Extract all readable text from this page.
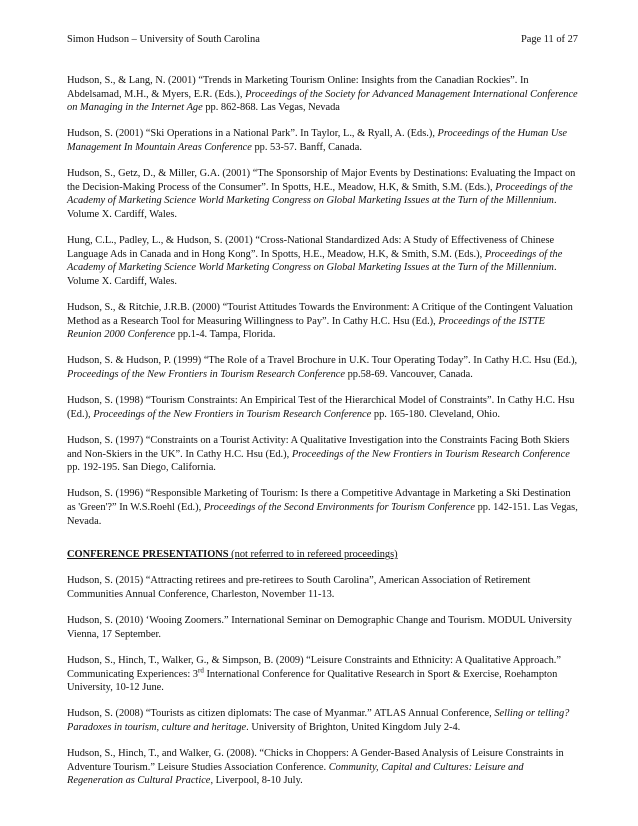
Simon Hudson – University of South Carolina	Page 11 of 27
Hudson, S., & Lang, N. (2001) “Trends in Marketing Tourism Online: Insights from the Canadian Rockies”. In Abdelsamad, M.H., & Myers, E.R. (Eds.), Proceedings of the Society for Advanced Management International Conference on Managing in the Internet Age pp. 862-868. Las Vegas, Nevada
Hudson, S. (2001) “Ski Operations in a National Park”. In Taylor, L., & Ryall, A. (Eds.), Proceedings of the Human Use Management In Mountain Areas Conference pp. 53-57. Banff, Canada.
Hudson, S., Getz, D., & Miller, G.A. (2001) “The Sponsorship of Major Events by Destinations: Evaluating the Impact on the Decision-Making Process of the Consumer”. In Spotts, H.E., Meadow, H.K, & Smith, S.M. (Eds.), Proceedings of the Academy of Marketing Science World Marketing Congress on Global Marketing Issues at the Turn of the Millennium. Volume X. Cardiff, Wales.
Hung, C.L., Padley, L., & Hudson, S. (2001) “Cross-National Standardized Ads: A Study of Effectiveness of Chinese Language Ads in Canada and in Hong Kong”. In Spotts, H.E., Meadow, H.K, & Smith, S.M. (Eds.), Proceedings of the Academy of Marketing Science World Marketing Congress on Global Marketing Issues at the Turn of the Millennium. Volume X. Cardiff, Wales.
Hudson, S., & Ritchie, J.R.B. (2000) “Tourist Attitudes Towards the Environment: A Critique of the Contingent Valuation Method as a Research Tool for Measuring Willingness to Pay”. In Cathy H.C. Hsu (Ed.), Proceedings of the ISTTE Reunion 2000 Conference pp.1-4. Tampa, Florida.
Hudson, S. & Hudson, P. (1999) “The Role of a Travel Brochure in U.K. Tour Operating Today”. In Cathy H.C. Hsu (Ed.), Proceedings of the New Frontiers in Tourism Research Conference pp.58-69. Vancouver, Canada.
Hudson, S. (1998) “Tourism Constraints: An Empirical Test of the Hierarchical Model of Constraints”. In Cathy H.C. Hsu (Ed.), Proceedings of the New Frontiers in Tourism Research Conference pp. 165-180. Cleveland, Ohio.
Hudson, S. (1997) “Constraints on a Tourist Activity: A Qualitative Investigation into the Constraints Facing Both Skiers and Non-Skiers in the UK”. In Cathy H.C. Hsu (Ed.), Proceedings of the New Frontiers in Tourism Research Conference pp. 192-195. San Diego, California.
Hudson, S. (1996) “Responsible Marketing of Tourism: Is there a Competitive Advantage in Marketing a Ski Destination as 'Green'?” In W.S.Roehl (Ed.), Proceedings of the Second Environments for Tourism Conference pp. 142-151. Las Vegas, Nevada.
CONFERENCE PRESENTATIONS (not referred to in refereed proceedings)
Hudson, S. (2015) “Attracting retirees and pre-retirees to South Carolina”, American Association of Retirement Communities Annual Conference, Charleston, November 11-13.
Hudson, S. (2010) ‘Wooing Zoomers.” International Seminar on Demographic Change and Tourism. MODUL University Vienna, 17 September.
Hudson, S., Hinch, T., Walker, G., & Simpson, B. (2009) “Leisure Constraints and Ethnicity: A Qualitative Approach.” Communicating Experiences: 3rd International Conference for Qualitative Research in Sport & Exercise, Roehampton University, 10-12 June.
Hudson, S. (2008) “Tourists as citizen diplomats: The case of Myanmar.” ATLAS Annual Conference, Selling or telling? Paradoxes in tourism, culture and heritage. University of Brighton, United Kingdom July 2-4.
Hudson, S., Hinch, T., and Walker, G. (2008). “Chicks in Choppers: A Gender-Based Analysis of Leisure Constraints in Adventure Tourism.” Leisure Studies Association Conference. Community, Capital and Cultures: Leisure and Regeneration as Cultural Practice, Liverpool, 8-10 July.
